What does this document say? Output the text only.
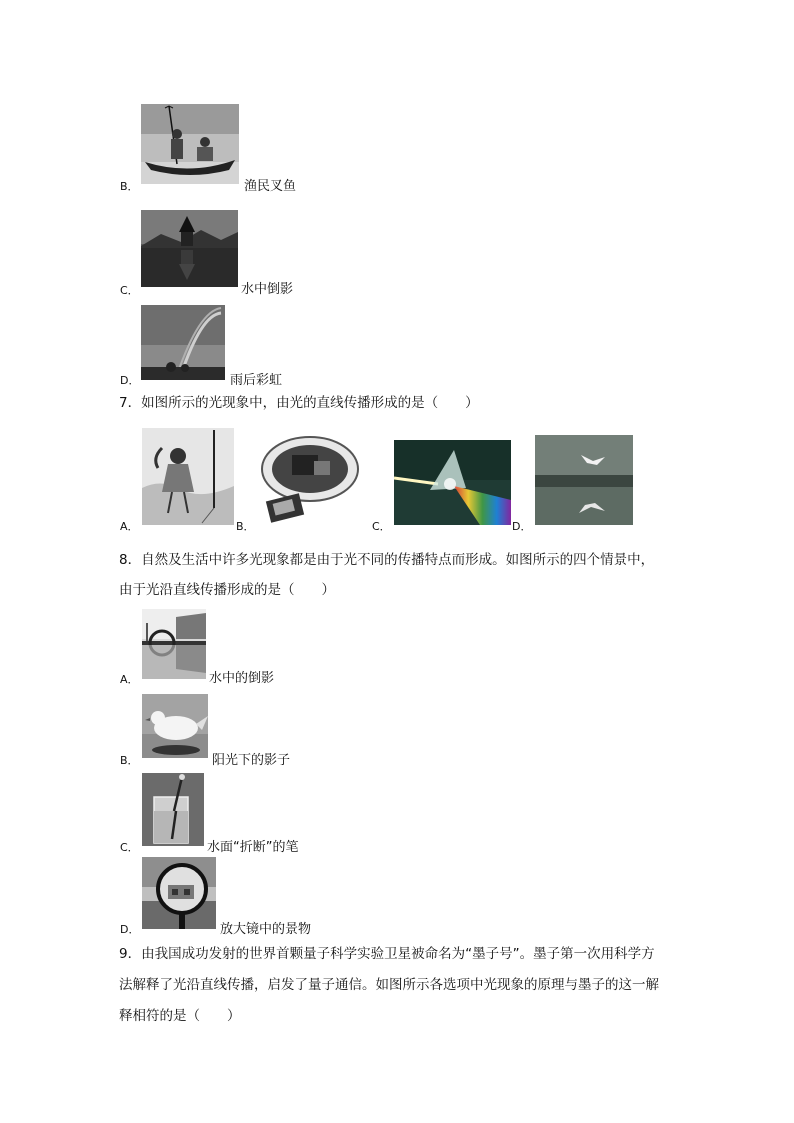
B．	渔民叉鱼
C．	水中倒影
D．	雨后彩虹
7．如图所示的光现象中，由光的直线传播形成的是（　　）
A．	B．	C．	D．
8．自然及生活中许多光现象都是由于光不同的传播特点而形成。如图所示的四个情景中，
由于光沿直线传播形成的是（　　）
A．	水中的倒影
B．	阳光下的影子
C．	水面“折断”的笔
D．	放大镜中的景物
9．由我国成功发射的世界首颗量子科学实验卫星被命名为“墨子号”。墨子第一次用科学方
法解释了光沿直线传播，启发了量子通信。如图所示各选项中光现象的原理与墨子的这一解
释相符的是（　　）
